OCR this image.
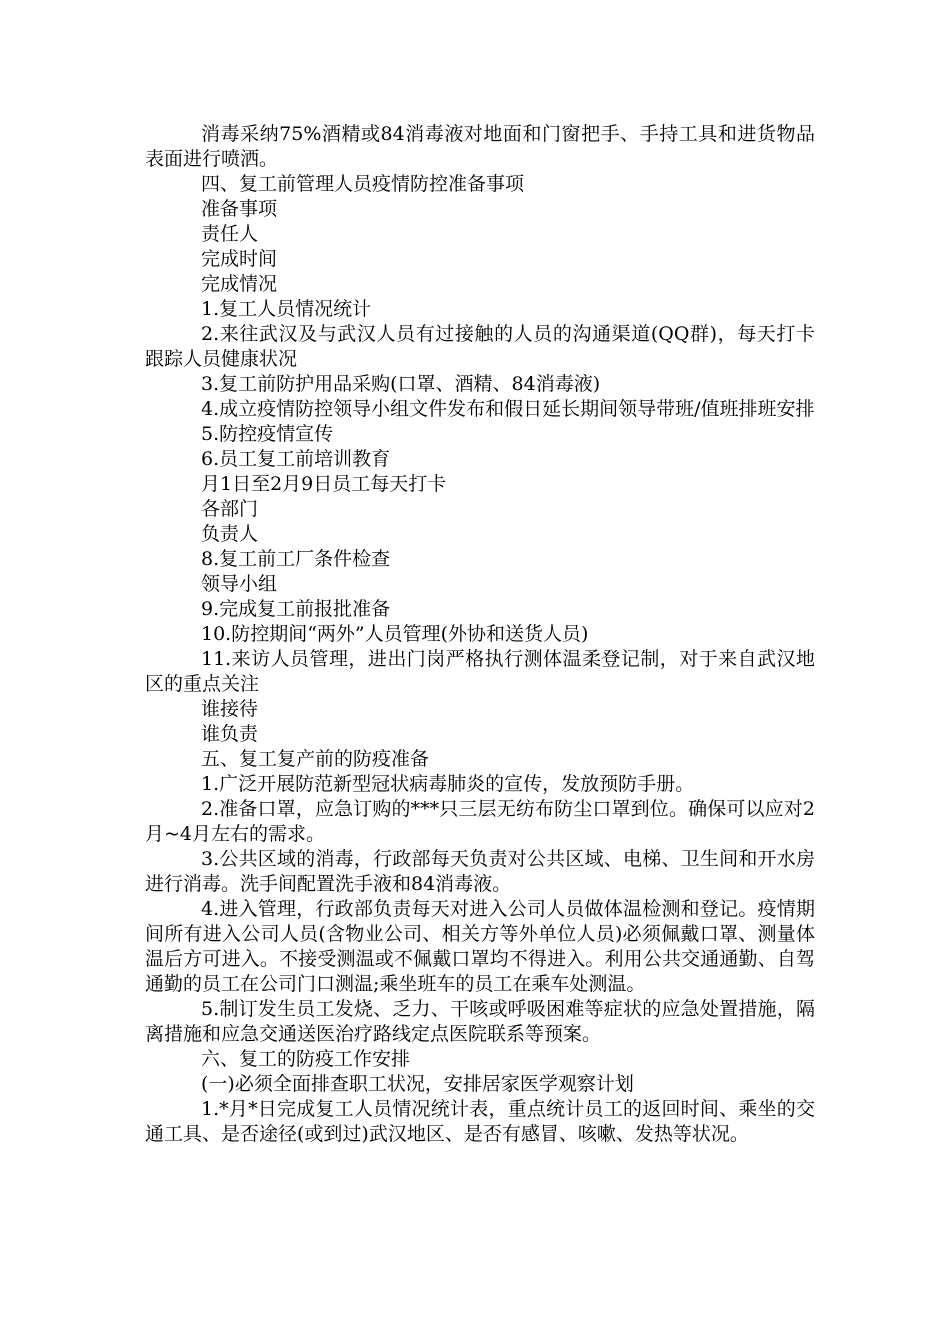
消毒采纳75%酒精或84消毒液对地面和门窗把手、手持工具和进货物品表面进行喷洒。

四、复工前管理人员疫情防控准备事项

准备事项

责任人

完成时间

完成情况

1.复工人员情况统计

2.来往武汉及与武汉人员有过接触的人员的沟通渠道(QQ群)，每天打卡跟踪人员健康状况

3.复工前防护用品采购(口罩、酒精、84消毒液)

4.成立疫情防控领导小组文件发布和假日延长期间领导带班/值班排班安排

5.防控疫情宣传

6.员工复工前培训教育

月1日至2月9日员工每天打卡

各部门

负责人

8.复工前工厂条件检查

领导小组

9.完成复工前报批准备

10.防控期间“两外”人员管理(外协和送货人员)

11.来访人员管理，进出门岗严格执行测体温柔登记制，对于来自武汉地区的重点关注

谁接待

谁负责

五、复工复产前的防疫准备

1.广泛开展防范新型冠状病毒肺炎的宣传，发放预防手册。

2.准备口罩，应急订购的***只三层无纺布防尘口罩到位。确保可以应对2月~4月左右的需求。

3.公共区域的消毒，行政部每天负责对公共区域、电梯、卫生间和开水房进行消毒。洗手间配置洗手液和84消毒液。

4.进入管理，行政部负责每天对进入公司人员做体温检测和登记。疫情期间所有进入公司人员(含物业公司、相关方等外单位人员)必须佩戴口罩、测量体温后方可进入。不接受测温或不佩戴口罩均不得进入。利用公共交通通勤、自驾通勤的员工在公司门口测温;乘坐班车的员工在乘车处测温。

5.制订发生员工发烧、乏力、干咳或呼吸困难等症状的应急处置措施，隔离措施和应急交通送医治疗路线定点医院联系等预案。

六、复工的防疫工作安排

(一)必须全面排查职工状况，安排居家医学观察计划

1.*月*日完成复工人员情况统计表，重点统计员工的返回时间、乘坐的交通工具、是否途径(或到过)武汉地区、是否有感冒、咳嗽、发热等状况。
